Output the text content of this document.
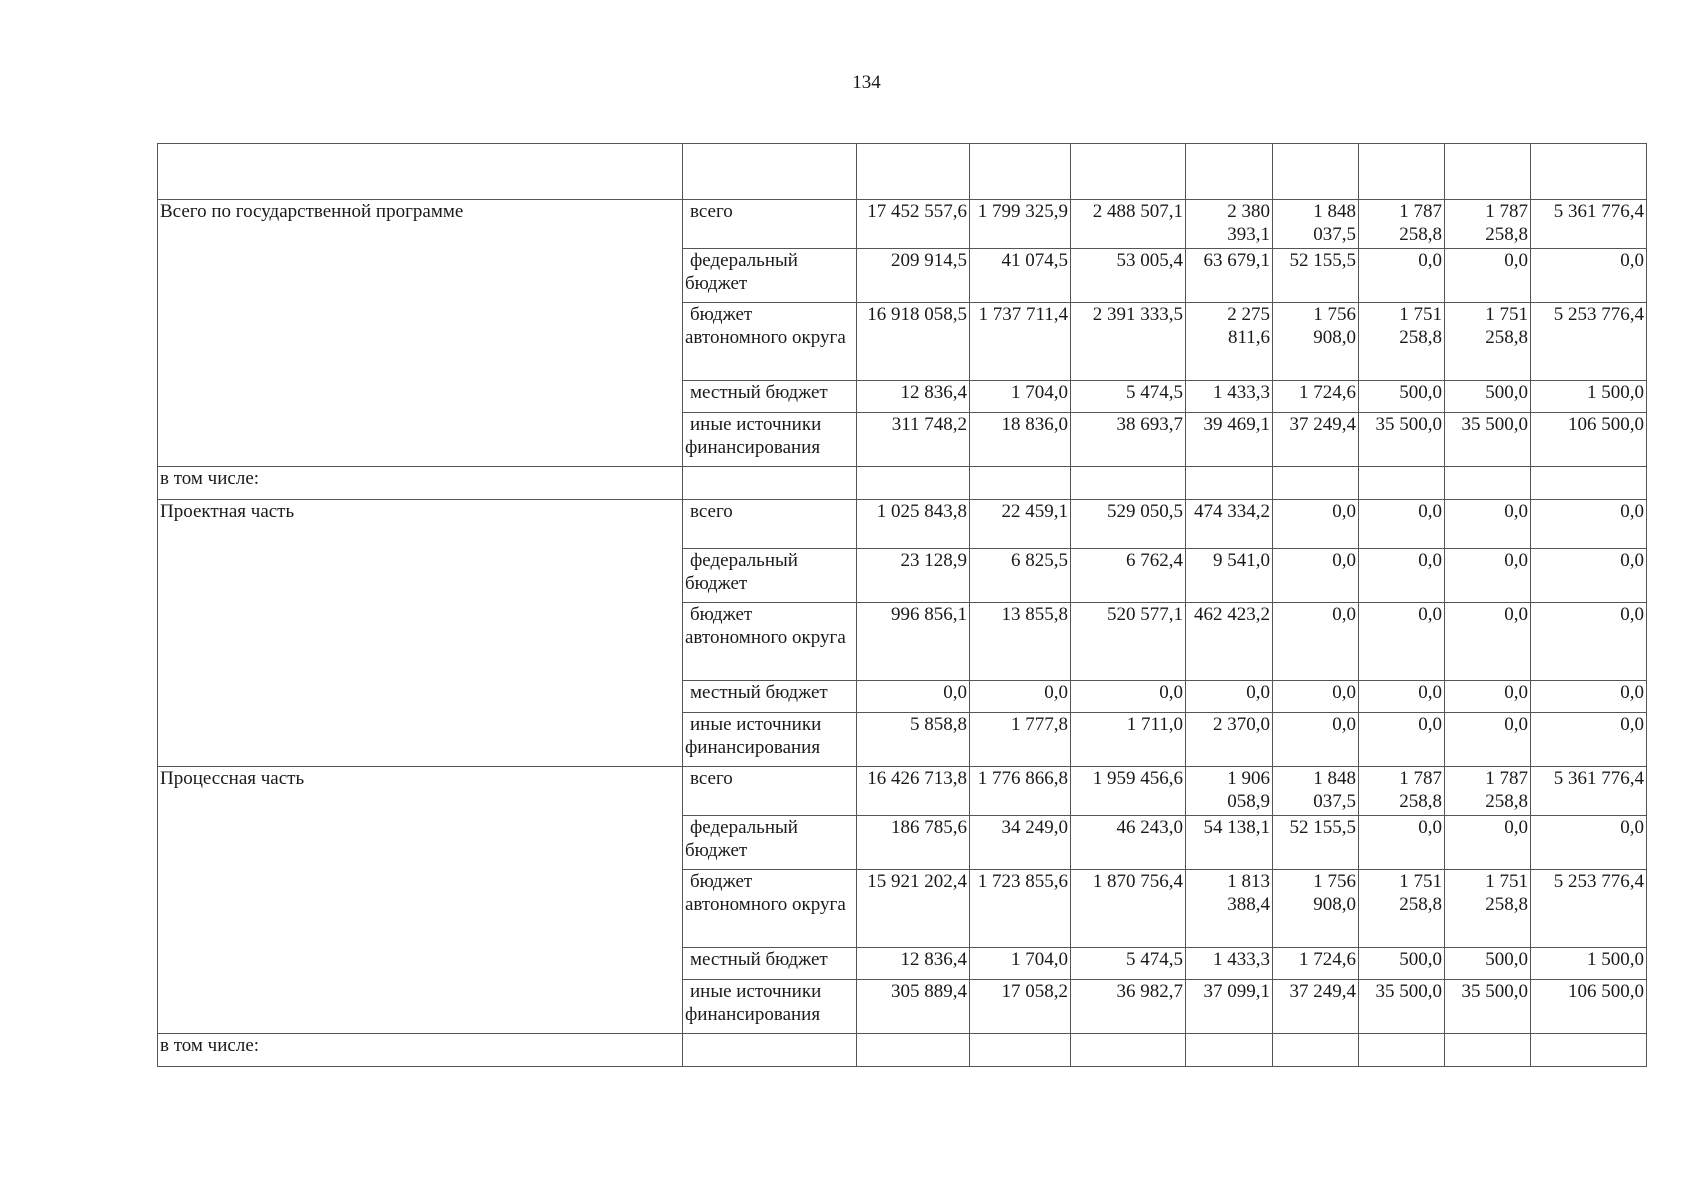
134

Всего по государственной программе	всего	17 452 557,6	1 799 325,9	2 488 507,1	2 380 393,1	1 848 037,5	1 787 258,8	1 787 258,8	5 361 776,4

	федеральный бюджет	209 914,5	41 074,5	53 005,4	63 679,1	52 155,5	0,0	0,0	0,0

	бюджет автономного округа	16 918 058,5	1 737 711,4	2 391 333,5	2 275 811,6	1 756 908,0	1 751 258,8	1 751 258,8	5 253 776,4

	местный бюджет	12 836,4	1 704,0	5 474,5	1 433,3	1 724,6	500,0	500,0	1 500,0

	иные источники финансирования	311 748,2	18 836,0	38 693,7	39 469,1	37 249,4	35 500,0	35 500,0	106 500,0
в том числе:									
Проектная часть	всего	1 025 843,8	22 459,1	529 050,5	474 334,2	0,0	0,0	0,0	0,0

	федеральный бюджет	23 128,9	6 825,5	6 762,4	9 541,0	0,0	0,0	0,0	0,0

	бюджет автономного округа	996 856,1	13 855,8	520 577,1	462 423,2	0,0	0,0	0,0	0,0

	местный бюджет	0,0	0,0	0,0	0,0	0,0	0,0	0,0	0,0

	иные источники финансирования	5 858,8	1 777,8	1 711,0	2 370,0	0,0	0,0	0,0	0,0
Процессная часть	всего	16 426 713,8	1 776 866,8	1 959 456,6	1 906 058,9	1 848 037,5	1 787 258,8	1 787 258,8	5 361 776,4

	федеральный бюджет	186 785,6	34 249,0	46 243,0	54 138,1	52 155,5	0,0	0,0	0,0

	бюджет автономного округа	15 921 202,4	1 723 855,6	1 870 756,4	1 813 388,4	1 756 908,0	1 751 258,8	1 751 258,8	5 253 776,4

	местный бюджет	12 836,4	1 704,0	5 474,5	1 433,3	1 724,6	500,0	500,0	1 500,0

	иные источники финансирования	305 889,4	17 058,2	36 982,7	37 099,1	37 249,4	35 500,0	35 500,0	106 500,0
в том числе:									
